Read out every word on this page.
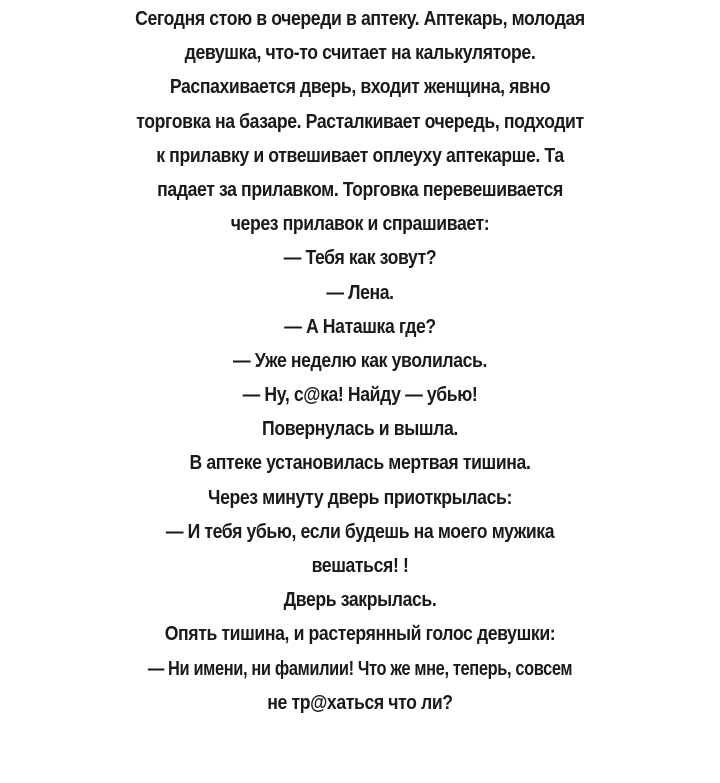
Сегодня стою в очереди в аптеку. Аптекарь, молодая
девушка, что-то считает на калькуляторе.
Распахивается дверь, входит женщина, явно
торговка на базаре. Расталкивает очередь, подходит
к прилавку и отвешивает оплеуху аптекарше. Та
падает за прилавком. Торговка перевешивается
через прилавок и спрашивает:
— Тебя как зовут?
— Лена.
— А Наташка где?
— Уже неделю как уволилась.
— Ну, с@ка! Найду — убью!
Повернулась и вышла.
В аптеке установилась мертвая тишина.
Через минуту дверь приоткрылась:
— И тебя убью, если будешь на моего мужика
вешаться! !
Дверь закрылась.
Опять тишина, и растерянный голос девушки:
— Ни имени, ни фамилии! Что же мне, теперь, совсем
не тр@хаться что ли?
